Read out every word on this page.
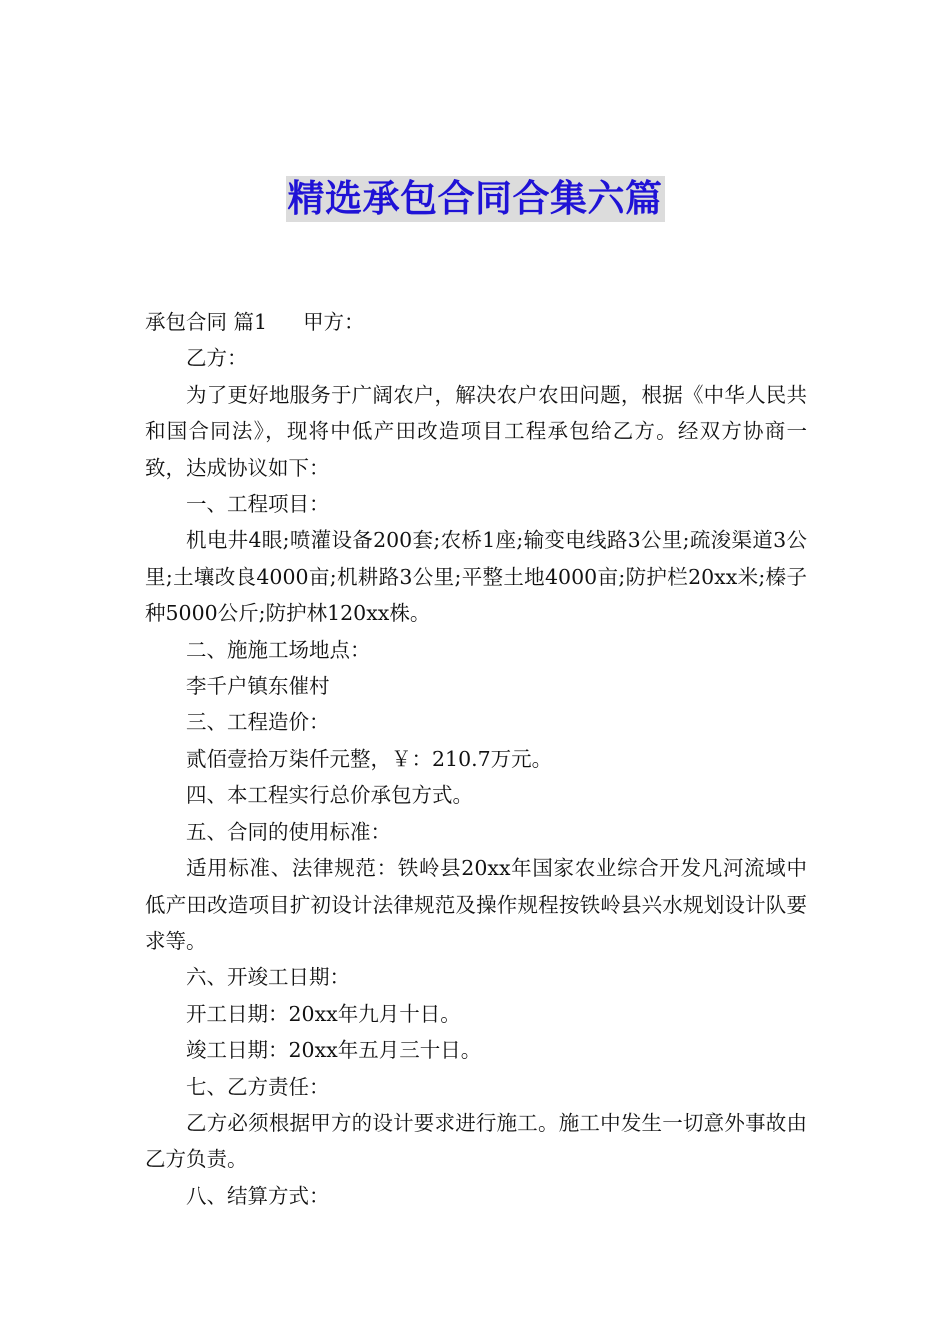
精选承包合同合集六篇

承包合同 篇1 甲方：

乙方：

为了更好地服务于广阔农户，解决农户农田问题，根据《中华人民共和国合同法》，现将中低产田改造项目工程承包给乙方。经双方协商一致，达成协议如下：

一、工程项目：

机电井4眼;喷灌设备200套;农桥1座;输变电线路3公里;疏浚渠道3公里;土壤改良4000亩;机耕路3公里;平整土地4000亩;防护栏20xx米;榛子种5000公斤;防护林120xx株。

二、施施工场地点：

李千户镇东催村

三、工程造价：

贰佰壹拾万柒仟元整，￥：210.7万元。

四、本工程实行总价承包方式。

五、合同的使用标准：

适用标准、法律规范：铁岭县20xx年国家农业综合开发凡河流域中低产田改造项目扩初设计法律规范及操作规程按铁岭县兴水规划设计队要求等。

六、开竣工日期：

开工日期：20xx年九月十日。

竣工日期：20xx年五月三十日。

七、乙方责任：

乙方必须根据甲方的设计要求进行施工。施工中发生一切意外事故由乙方负责。

八、结算方式：
